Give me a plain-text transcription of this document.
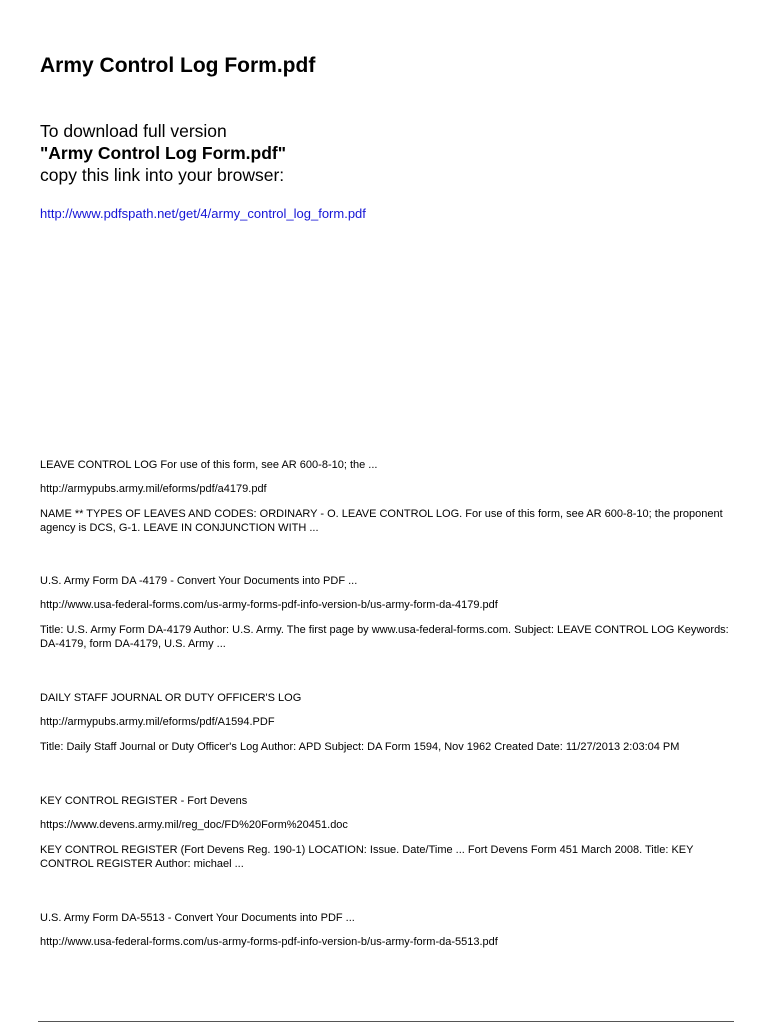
Army Control Log Form.pdf
To download full version
"Army Control Log Form.pdf"
copy this link into your browser:
http://www.pdfspath.net/get/4/army_control_log_form.pdf
LEAVE CONTROL LOG For use of this form, see AR 600-8-10; the ...
http://armypubs.army.mil/eforms/pdf/a4179.pdf
NAME ** TYPES OF LEAVES AND CODES: ORDINARY - O. LEAVE CONTROL LOG. For use of this form, see AR 600-8-10; the proponent agency is DCS, G-1. LEAVE IN CONJUNCTION WITH ...
U.S. Army Form DA -4179 - Convert Your Documents into PDF ...
http://www.usa-federal-forms.com/us-army-forms-pdf-info-version-b/us-army-form-da-4179.pdf
Title: U.S. Army Form DA-4179 Author: U.S. Army. The first page by www.usa-federal-forms.com. Subject: LEAVE CONTROL LOG Keywords: DA-4179, form DA-4179, U.S. Army ...
DAILY STAFF JOURNAL OR DUTY OFFICER'S LOG
http://armypubs.army.mil/eforms/pdf/A1594.PDF
Title: Daily Staff Journal or Duty Officer's Log Author: APD Subject: DA Form 1594, Nov 1962 Created Date: 11/27/2013 2:03:04 PM
KEY CONTROL REGISTER - Fort Devens
https://www.devens.army.mil/reg_doc/FD%20Form%20451.doc
KEY CONTROL REGISTER (Fort Devens Reg. 190-1) LOCATION: Issue. Date/Time ... Fort Devens Form 451 March 2008. Title: KEY CONTROL REGISTER Author: michael ...
U.S. Army Form DA-5513 - Convert Your Documents into PDF ...
http://www.usa-federal-forms.com/us-army-forms-pdf-info-version-b/us-army-form-da-5513.pdf
